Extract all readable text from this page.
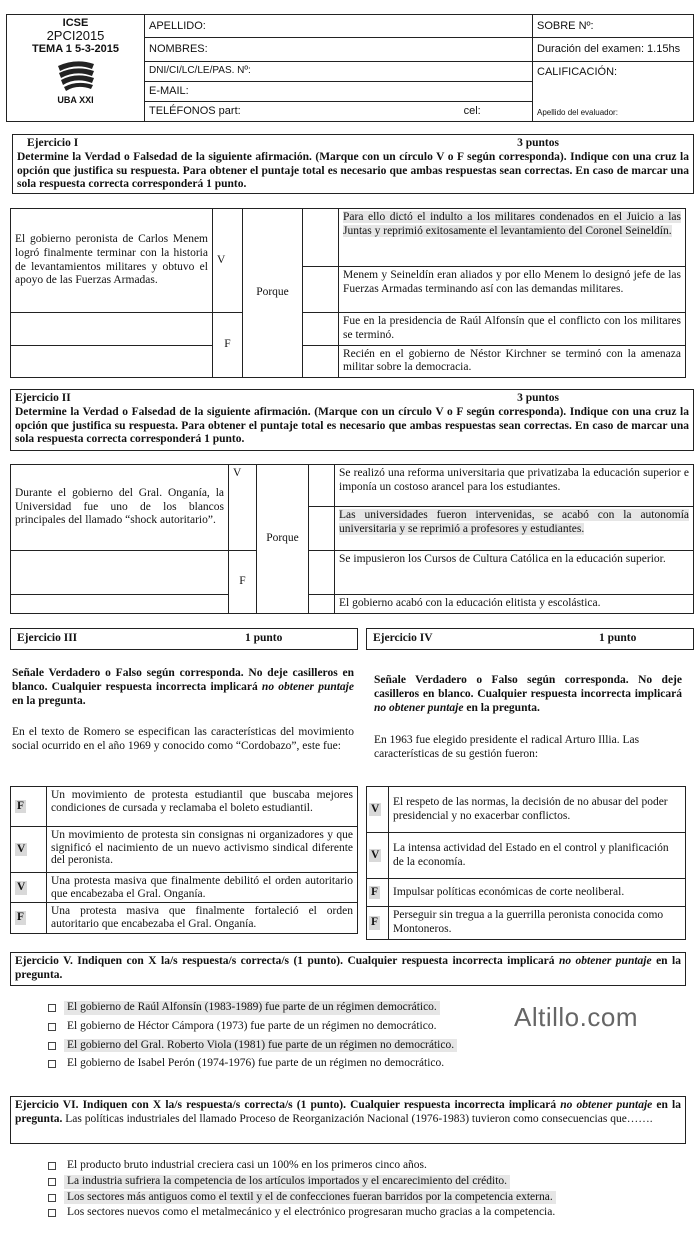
ICSE
2PCI2015
TEMA 1 5-3-2015
UBA XXI	APELLIDO:		SOBRE Nº:
	NOMBRES:		Duración del examen: 1.15hs
	DNI/CI/LC/LE/PAS. Nº:		CALIFICACIÓN:
Apellido del evaluador:

	E-MAIL:		
	TELÉFONOS part:	cel:	
Ejercicio I	3 puntos
Determine la Verdad o Falsedad de la siguiente afirmación. (Marque con un círculo V o F según corresponda). Indique con una cruz la opción que justifica su respuesta. Para obtener el puntaje total es necesario que ambas respuestas sean correctas. En caso de marcar una sola respuesta correcta corresponderá 1 punto.
El gobierno peronista de Carlos Menem logró finalmente terminar con la historia de levantamientos militares y obtuvo el apoyo de las Fuerzas Armadas.	V	Porque		Para ello dictó el indulto a los militares condenados en el Juicio a las Juntas y reprimió exitosamente el levantamiento del Coronel Seineldín.
				Menem y Seineldín eran aliados y por ello Menem lo designó jefe de las Fuerzas Armadas terminando así con las demandas militares.
	F			Fue en la presidencia de Raúl Alfonsín que el conflicto con los militares se terminó.
				Recién en el gobierno de Néstor Kirchner se terminó con la amenaza militar sobre la democracia.
Ejercicio II	3 puntos
Determine la Verdad o Falsedad de la siguiente afirmación. (Marque con un círculo V o F según corresponda). Indique con una cruz la opción que justifica su respuesta. Para obtener el puntaje total es necesario que ambas respuestas sean correctas. En caso de marcar una sola respuesta correcta corresponderá 1 punto.
Durante el gobierno del Gral. Onganía, la Universidad fue uno de los blancos principales del llamado “shock autoritario”.	V	Porque		Se realizó una reforma universitaria que privatizaba la educación superior e imponía un costoso arancel para los estudiantes.
				Las universidades fueron intervenidas, se acabó con la autonomía universitaria y se reprimió a profesores y estudiantes.
	F			Se impusieron los Cursos de Cultura Católica en la educación superior.
				El gobierno acabó con la educación elitista y escolástica.
Ejercicio III	1 punto
Señale Verdadero o Falso según corresponda. No deje casilleros en blanco. Cualquier respuesta incorrecta implicará no obtener puntaje en la pregunta.
En el texto de Romero se especifican las características del movimiento social ocurrido en el año 1969 y conocido como “Cordobazo”, este fue:
F	Un movimiento de protesta estudiantil que buscaba mejores condiciones de cursada y reclamaba el boleto estudiantil.
V	Un movimiento de protesta sin consignas ni organizadores y que significó el nacimiento de un nuevo activismo sindical diferente del peronista.
V	Una protesta masiva que finalmente debilitó el orden autoritario que encabezaba el Gral. Onganía.
F	Una protesta masiva que finalmente fortaleció el orden autoritario que encabezaba el Gral. Onganía.
Ejercicio IV	1 punto
Señale Verdadero o Falso según corresponda. No deje casilleros en blanco. Cualquier respuesta incorrecta implicará no obtener puntaje en la pregunta.
En 1963 fue elegido presidente el radical Arturo Illia. Las características de su gestión fueron:
V	El respeto de las normas, la decisión de no abusar del poder presidencial y no exacerbar conflictos.
V	La intensa actividad del Estado en el control y planificación de la economía.
F	Impulsar políticas económicas de corte neoliberal.
F	Perseguir sin tregua a la guerrilla peronista conocida como Montoneros.
Ejercicio V. Indiquen con X la/s respuesta/s correcta/s (1 punto). Cualquier respuesta incorrecta implicará no obtener puntaje en la pregunta.
El gobierno de Raúl Alfonsín (1983-1989) fue parte de un régimen democrático.
El gobierno de Héctor Cámpora (1973) fue parte de un régimen no democrático.
El gobierno del Gral. Roberto Viola (1981) fue parte de un régimen no democrático.
El gobierno de Isabel Perón (1974-1976) fue parte de un régimen no democrático.
Altillo.com
Ejercicio VI. Indiquen con X la/s respuesta/s correcta/s (1 punto). Cualquier respuesta incorrecta implicará no obtener puntaje en la pregunta. Las políticas industriales del llamado Proceso de Reorganización Nacional (1976-1983) tuvieron como consecuencias que…….
El producto bruto industrial creciera casi un 100% en los primeros cinco años.
La industria sufriera la competencia de los artículos importados y el encarecimiento del crédito.
Los sectores más antiguos como el textil y el de confecciones fueran barridos por la competencia externa.
Los sectores nuevos como el metalmecánico y el electrónico progresaran mucho gracias a la competencia.
